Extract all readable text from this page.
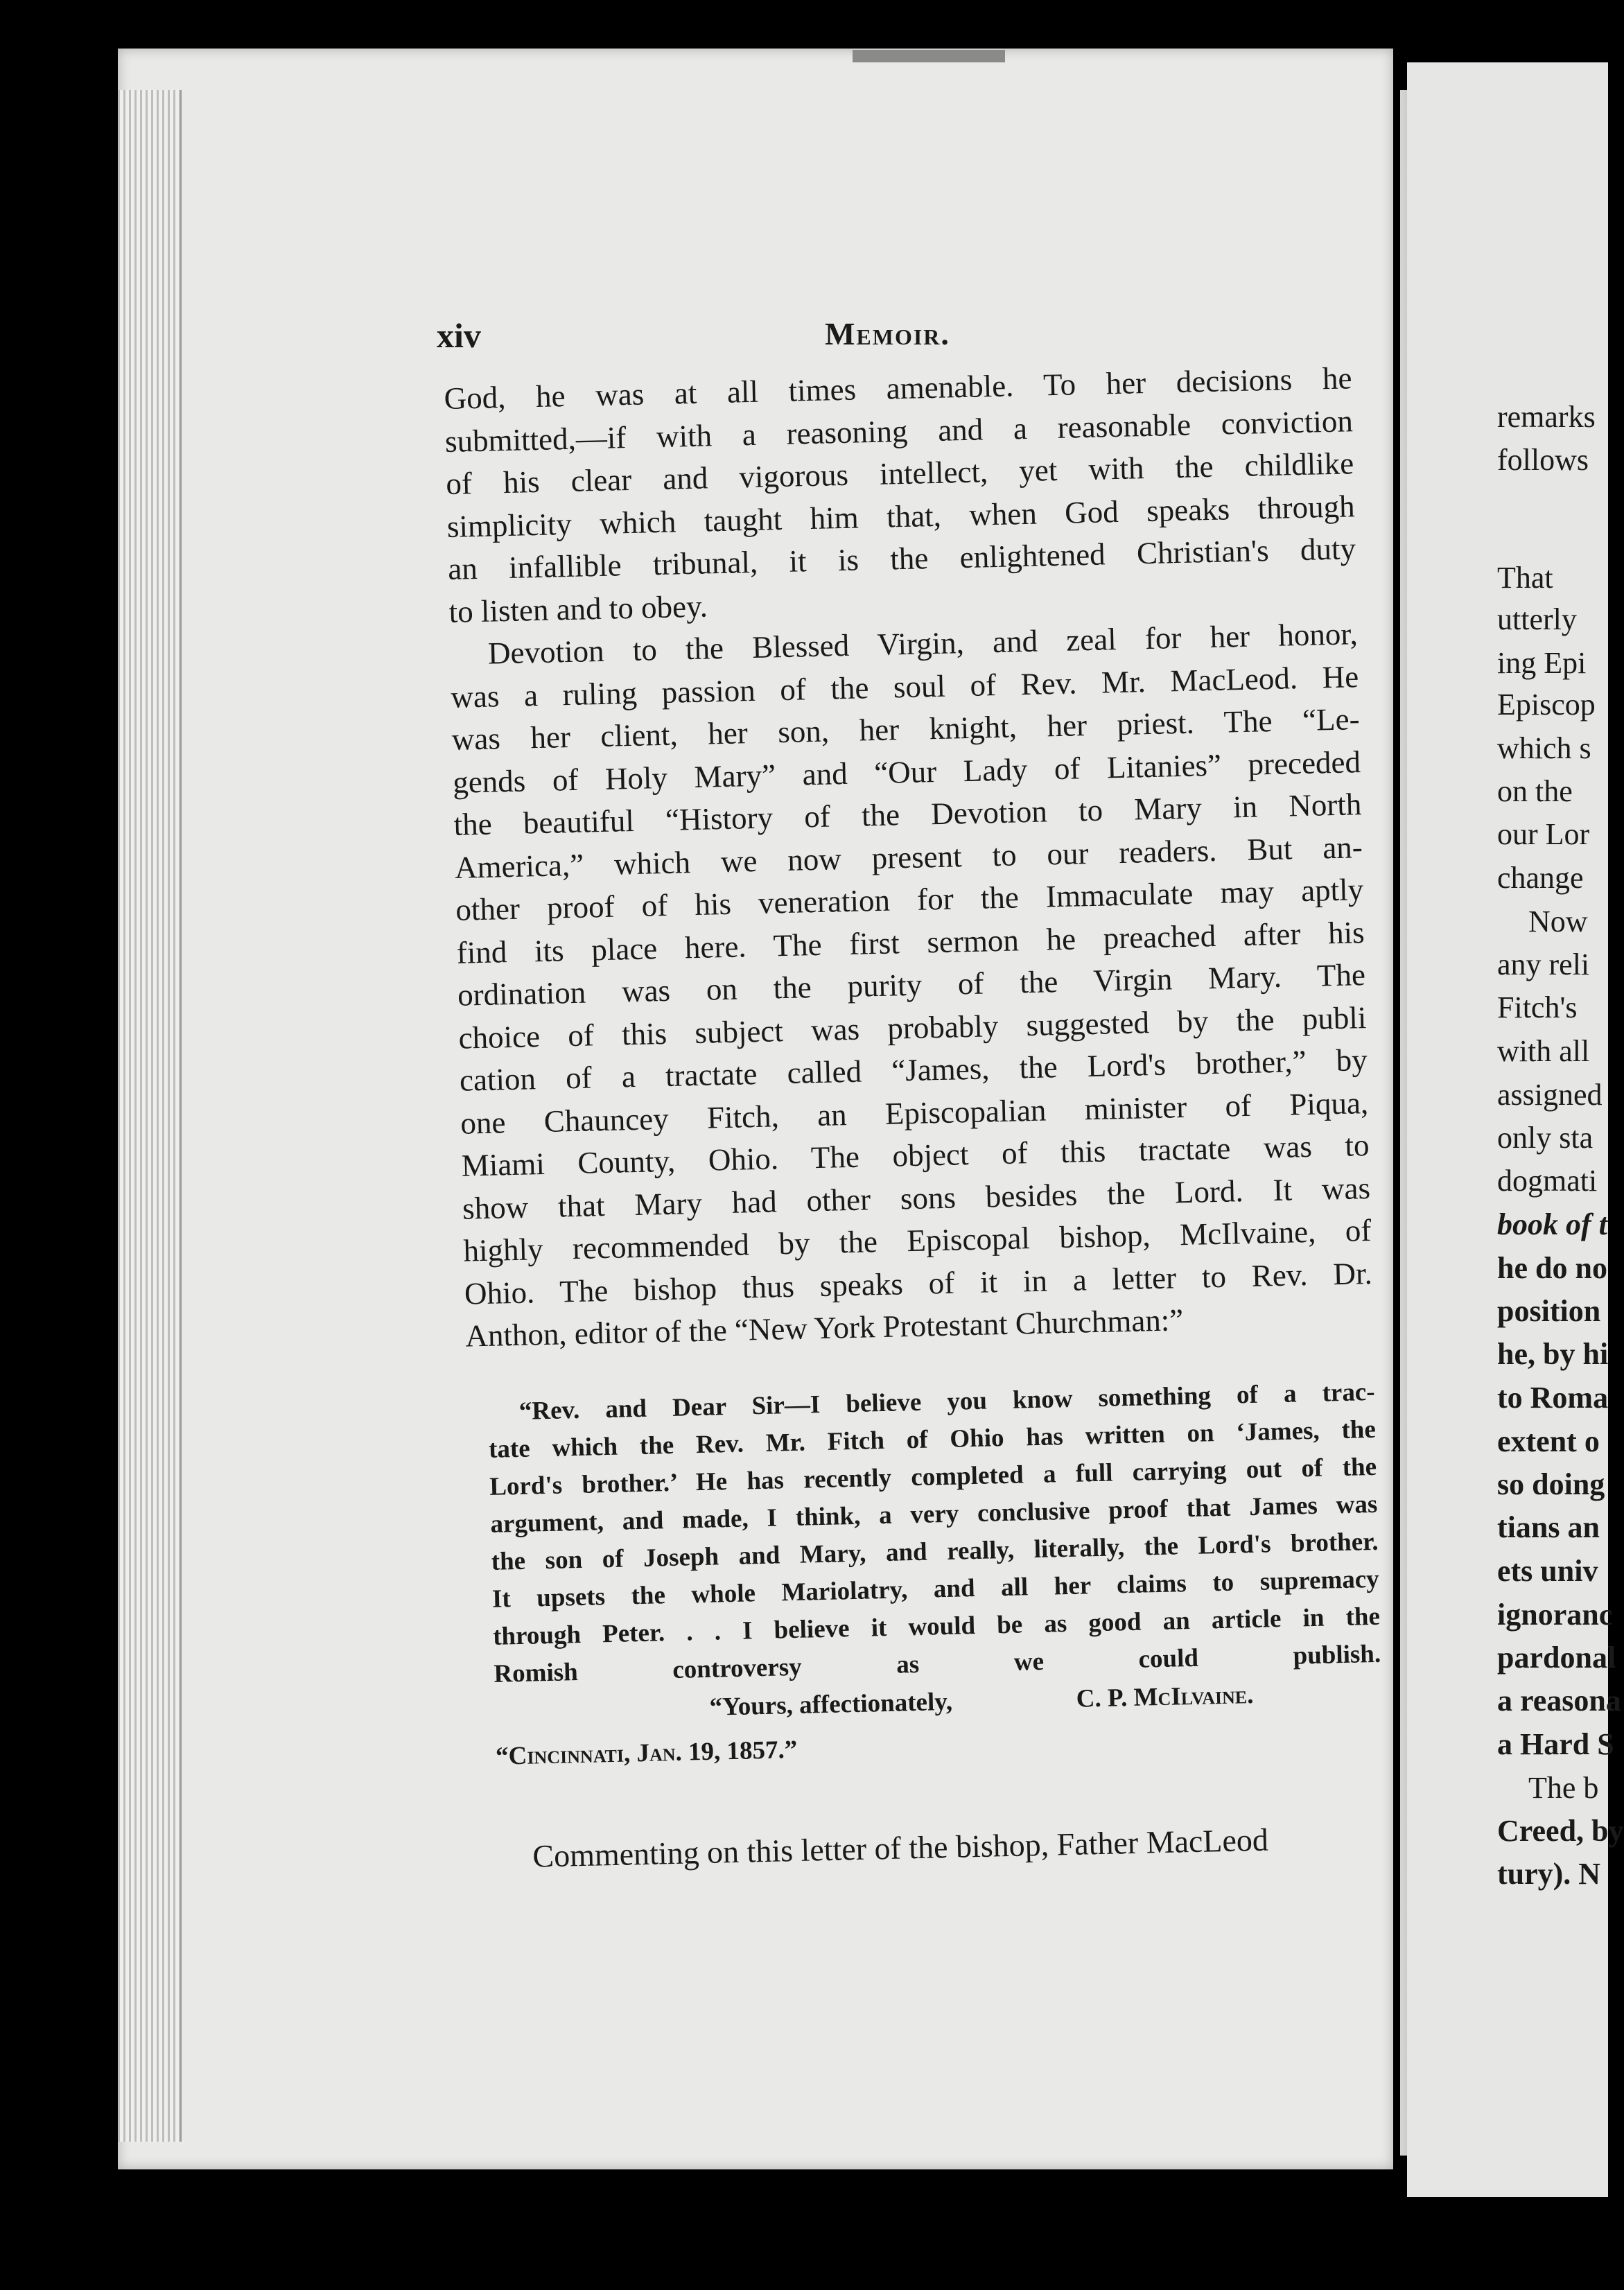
xiv	Memoir.
God, he was at all times amenable. To her decisions he
submitted,—if with a reasoning and a reasonable conviction
of his clear and vigorous intellect, yet with the childlike
simplicity which taught him that, when God speaks through
an infallible tribunal, it is the enlightened Christian's duty
to listen and to obey.
Devotion to the Blessed Virgin, and zeal for her honor,
was a ruling passion of the soul of Rev. Mr. MacLeod. He
was her client, her son, her knight, her priest. The “Le-
gends of Holy Mary” and “Our Lady of Litanies” preceded
the beautiful “History of the Devotion to Mary in North
America,” which we now present to our readers. But an-
other proof of his veneration for the Immaculate may aptly
find its place here. The first sermon he preached after his
ordination was on the purity of the Virgin Mary. The
choice of this subject was probably suggested by the publi
cation of a tractate called “James, the Lord's brother,” by
one Chauncey Fitch, an Episcopalian minister of Piqua,
Miami County, Ohio. The object of this tractate was to
show that Mary had other sons besides the Lord. It was
highly recommended by the Episcopal bishop, McIlvaine, of
Ohio. The bishop thus speaks of it in a letter to Rev. Dr.
Anthon, editor of the “New York Protestant Churchman:”
“Rev. and Dear Sir—I believe you know something of a trac-
tate which the Rev. Mr. Fitch of Ohio has written on ‘James, the
Lord's brother.’ He has recently completed a full carrying out of the
argument, and made, I think, a very conclusive proof that James was
the son of Joseph and Mary, and really, literally, the Lord's brother.
It upsets the whole Mariolatry, and all her claims to supremacy
through Peter. . . I believe it would be as good an article in the
Romish controversy as we could publish.
“Yours, affectionately,	C. P. McIlvaine.
“Cincinnati, Jan. 19, 1857.”
Commenting on this letter of the bishop, Father MacLeod

remarks

follows

That

utterly

ing Epi

Episcop

which s

on the

our Lor

change

Now

any reli

Fitch's

with all

assigned

only sta

dogmati

book of t

he do no

position

he, by hi

to Roma

extent o

so doing

tians an

ets univ

ignoranc

pardonal

a reasona

a Hard S

The b

Creed, by

tury). N
